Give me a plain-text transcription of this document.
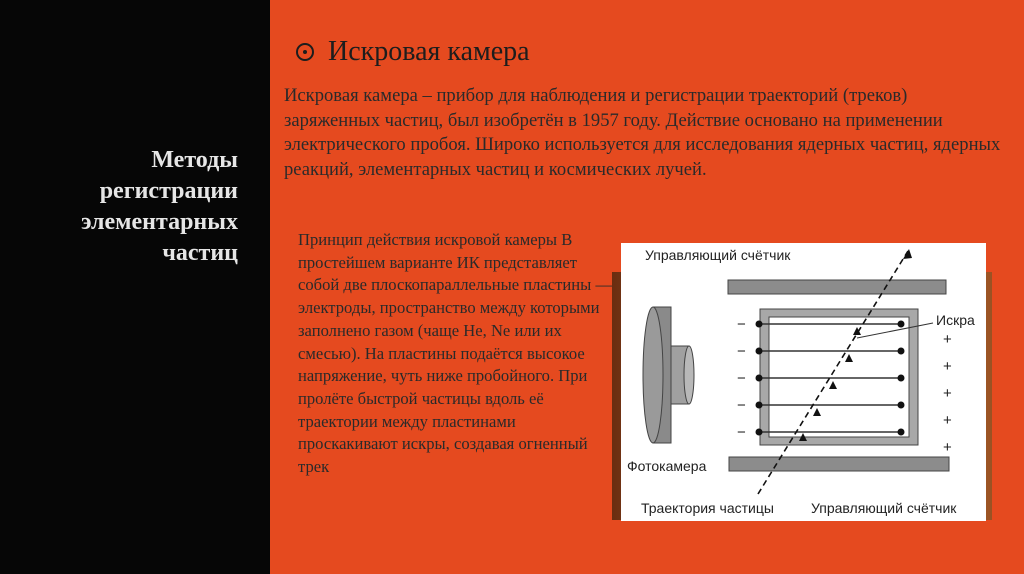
Методы
регистрации
элементарных
частиц
Искровая камера
Искровая камера – прибор для наблюдения и регистрации траекторий (треков) заряженных частиц, был изобретён в 1957 году. Действие основано на применении электрического пробоя. Широко используется для исследования ядерных частиц, ядерных реакций, элементарных частиц и космических лучей.
Принцип действия искровой камеры В простейшем варианте ИК представляет собой две плоскопараллельные пластины — электроды, пространство между которыми заполнено газом (чаще He, Ne или их смесью). На пластины подаётся высокое напряжение, чуть ниже пробойного. При пролёте быстрой частицы вдоль её траектории между пластинами проскакивают искры, создавая огненный трек
−
−
−
−
−
+
+
+
+
+
Управляющий счётчик
Искра
Фотокамера
Траектория частицы	Управляющий счётчик
